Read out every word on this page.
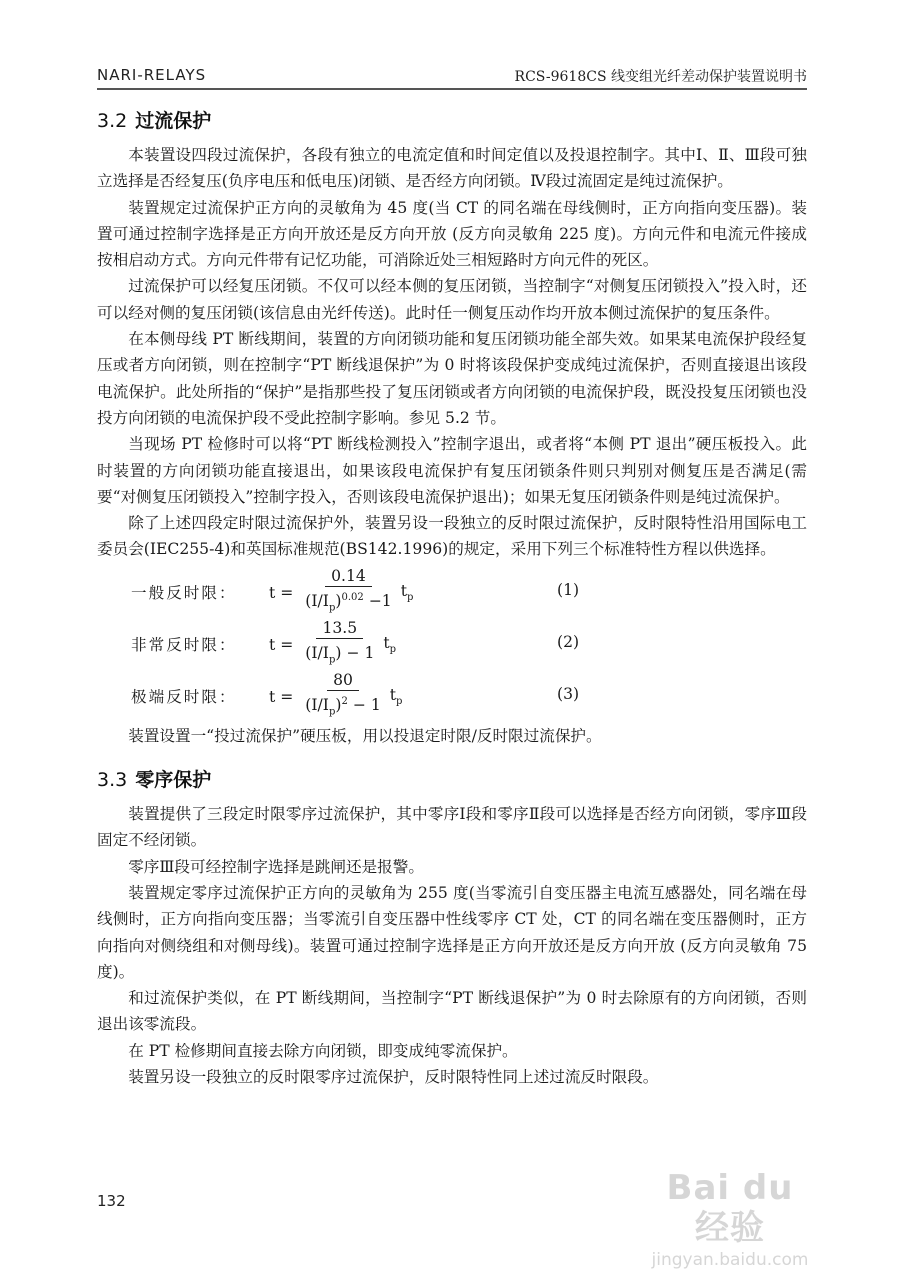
NARI-RELAYS	RCS-9618CS 线变组光纤差动保护装置说明书
3.2 过流保护

本装置设四段过流保护，各段有独立的电流定值和时间定值以及投退控制字。其中Ⅰ、Ⅱ、Ⅲ段可独立选择是否经复压(负序电压和低电压)闭锁、是否经方向闭锁。Ⅳ段过流固定是纯过流保护。

装置规定过流保护正方向的灵敏角为 45 度(当 CT 的同名端在母线侧时，正方向指向变压器)。装置可通过控制字选择是正方向开放还是反方向开放 (反方向灵敏角 225 度)。方向元件和电流元件接成按相启动方式。方向元件带有记忆功能，可消除近处三相短路时方向元件的死区。

过流保护可以经复压闭锁。不仅可以经本侧的复压闭锁，当控制字“对侧复压闭锁投入”投入时，还可以经对侧的复压闭锁(该信息由光纤传送)。此时任一侧复压动作均开放本侧过流保护的复压条件。

在本侧母线 PT 断线期间，装置的方向闭锁功能和复压闭锁功能全部失效。如果某电流保护段经复压或者方向闭锁，则在控制字“PT 断线退保护”为 0 时将该段保护变成纯过流保护，否则直接退出该段电流保护。此处所指的“保护”是指那些投了复压闭锁或者方向闭锁的电流保护段，既没投复压闭锁也没投方向闭锁的电流保护段不受此控制字影响。参见 5.2 节。

当现场 PT 检修时可以将“PT 断线检测投入”控制字退出，或者将“本侧 PT 退出”硬压板投入。此时装置的方向闭锁功能直接退出，如果该段电流保护有复压闭锁条件则只判别对侧复压是否满足(需要“对侧复压闭锁投入”控制字投入，否则该段电流保护退出)；如果无复压闭锁条件则是纯过流保护。

除了上述四段定时限过流保护外，装置另设一段独立的反时限过流保护，反时限特性沿用国际电工委员会(IEC255-4)和英国标准规范(BS142.1996)的规定，采用下列三个标准特性方程以供选择。

一般反时限： $t = \frac{0.14}{(I/I_p)^{0.02} -1} t_p$	(1)
非常反时限： $t = \frac{13.5}{(I/I_p) - 1} t_p$	(2)
极端反时限： $t = \frac{80}{(I/I_p)^2 - 1} t_p$	(3)

装置设置一“投过流保护”硬压板，用以投退定时限/反时限过流保护。

3.3 零序保护

装置提供了三段定时限零序过流保护，其中零序Ⅰ段和零序Ⅱ段可以选择是否经方向闭锁，零序Ⅲ段固定不经闭锁。

零序Ⅲ段可经控制字选择是跳闸还是报警。

装置规定零序过流保护正方向的灵敏角为 255 度(当零流引自变压器主电流互感器处，同名端在母线侧时，正方向指向变压器；当零流引自变压器中性线零序 CT 处，CT 的同名端在变压器侧时，正方向指向对侧绕组和对侧母线)。装置可通过控制字选择是正方向开放还是反方向开放 (反方向灵敏角 75 度)。

和过流保护类似，在 PT 断线期间，当控制字“PT 断线退保护”为 0 时去除原有的方向闭锁，否则退出该零流段。

在 PT 检修期间直接去除方向闭锁，即变成纯零流保护。

装置另设一段独立的反时限零序过流保护，反时限特性同上述过流反时限段。

132	Bai du 经验
jingyan.baidu.com
